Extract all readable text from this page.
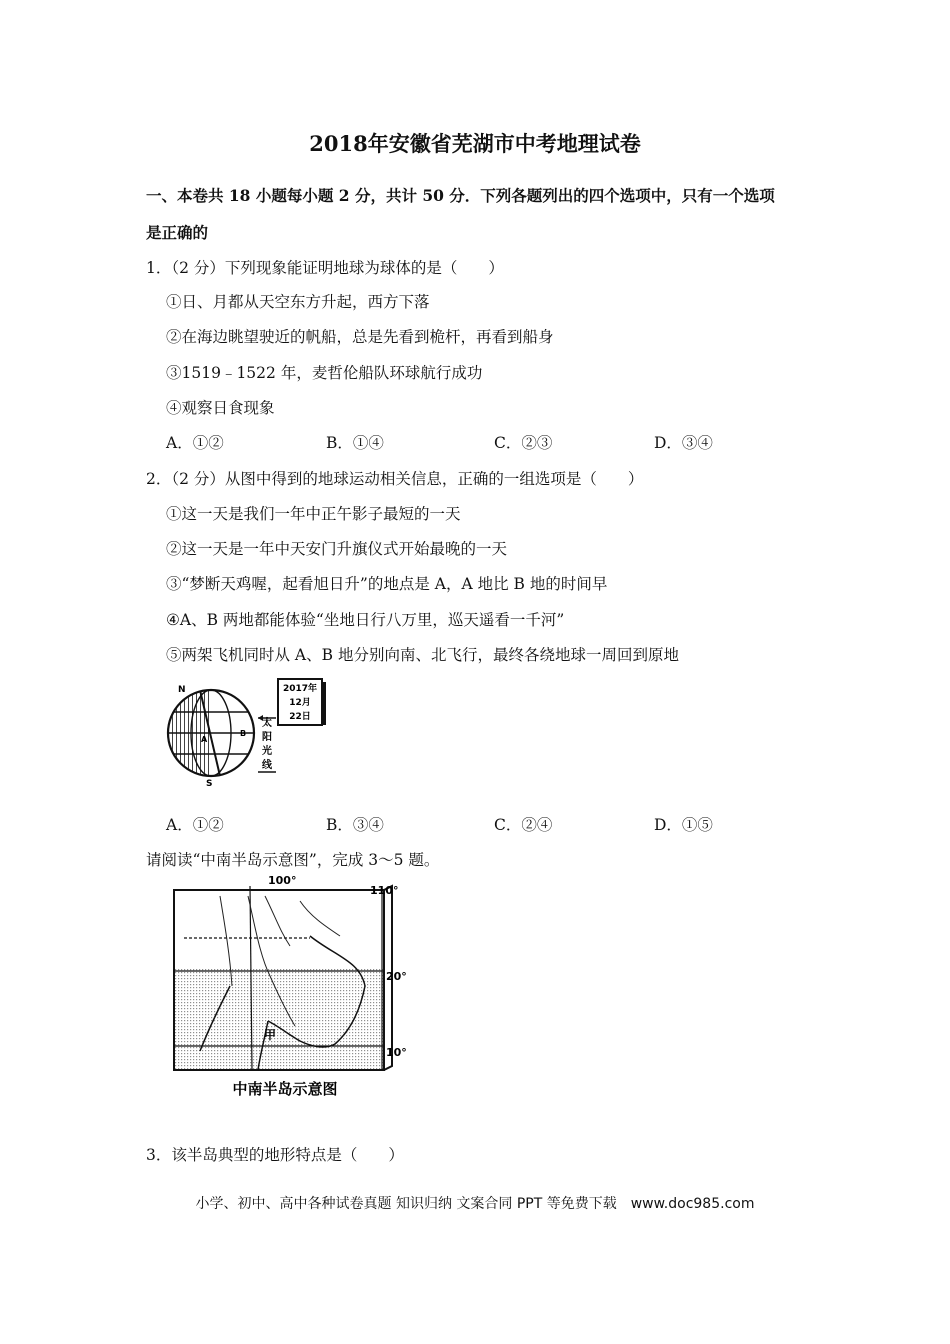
2018年安徽省芜湖市中考地理试卷
一、本卷共 18 小题每小题 2 分，共计 50 分．下列各题列出的四个选项中，只有一个选项
是正确的
1．（2 分）下列现象能证明地球为球体的是（　　）
①日、月都从天空东方升起，西方下落
②在海边眺望驶近的帆船，总是先看到桅杆，再看到船身
③1519﹣1522 年，麦哲伦船队环球航行成功
④观察日食现象
A．①②	B．①④	C．②③	D．③④
2．（2 分）从图中得到的地球运动相关信息，正确的一组选项是（　　）
①这一天是我们一年中正午影子最短的一天
②这一天是一年中天安门升旗仪式开始最晚的一天
③“梦断天鸡喔，起看旭日升”的地点是 A，A 地比 B 地的时间早
④A、B 两地都能体验“坐地日行八万里，巡天遥看一千河”
⑤两架飞机同时从 A、B 地分别向南、北飞行，最终各绕地球一周回到原地
N
S
A
B
2017年
12月
22日
太
阳
光
线
A．①②	B．③④	C．②④	D．①⑤
请阅读“中南半岛示意图”，完成 3～5 题。
100°
110°
20°
10°
甲
中南半岛示意图
3．该半岛典型的地形特点是（　　）
小学、初中、高中各种试卷真题 知识归纳 文案合同 PPT 等免费下载　www.doc985.com
